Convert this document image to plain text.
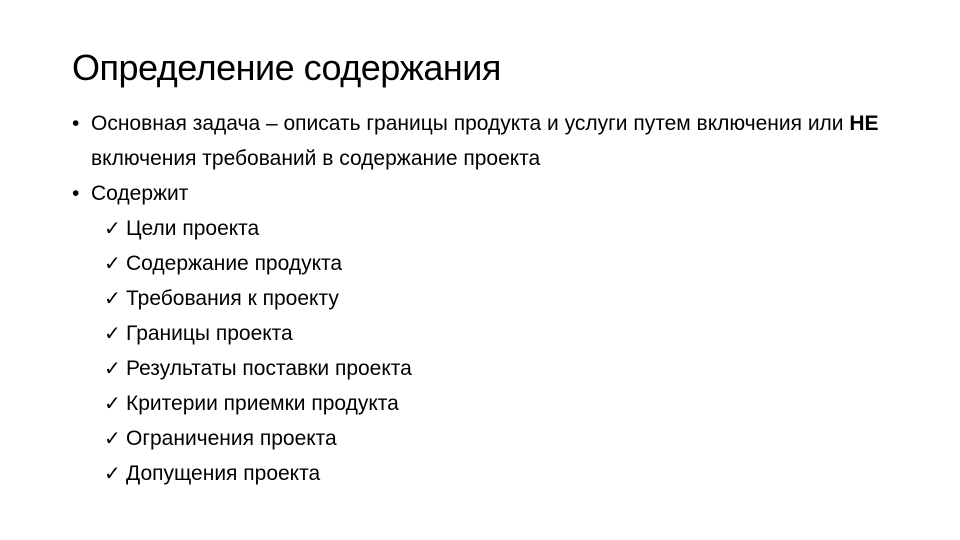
Определение содержания
• Основная задача – описать границы продукта и услуги путем включения или НЕ включения требований в содержание проекта
• Содержит
✓ Цели проекта
✓ Содержание продукта
✓ Требования к проекту
✓ Границы проекта
✓ Результаты поставки проекта
✓ Критерии приемки продукта
✓ Ограничения проекта
✓ Допущения проекта
